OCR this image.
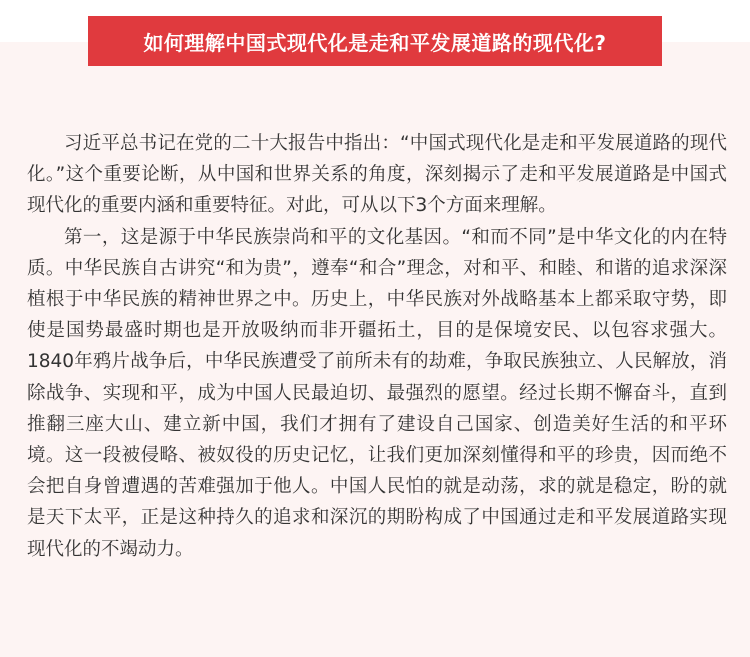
如何理解中国式现代化是走和平发展道路的现代化?

习近平总书记在党的二十大报告中指出：“中国式现代化是走和平发展道路的现代化。”这个重要论断，从中国和世界关系的角度，深刻揭示了走和平发展道路是中国式现代化的重要内涵和重要特征。对此，可从以下3个方面来理解。

第一，这是源于中华民族崇尚和平的文化基因。“和而不同”是中华文化的内在特质。中华民族自古讲究“和为贵”，遵奉“和合”理念，对和平、和睦、和谐的追求深深植根于中华民族的精神世界之中。历史上，中华民族对外战略基本上都采取守势，即使是国势最盛时期也是开放吸纳而非开疆拓土，目的是保境安民、以包容求强大。1840年鸦片战争后，中华民族遭受了前所未有的劫难，争取民族独立、人民解放，消除战争、实现和平，成为中国人民最迫切、最强烈的愿望。经过长期不懈奋斗，直到推翻三座大山、建立新中国，我们才拥有了建设自己国家、创造美好生活的和平环境。这一段被侵略、被奴役的历史记忆，让我们更加深刻懂得和平的珍贵，因而绝不会把自身曾遭遇的苦难强加于他人。中国人民怕的就是动荡，求的就是稳定，盼的就是天下太平，正是这种持久的追求和深沉的期盼构成了中国通过走和平发展道路实现现代化的不竭动力。
